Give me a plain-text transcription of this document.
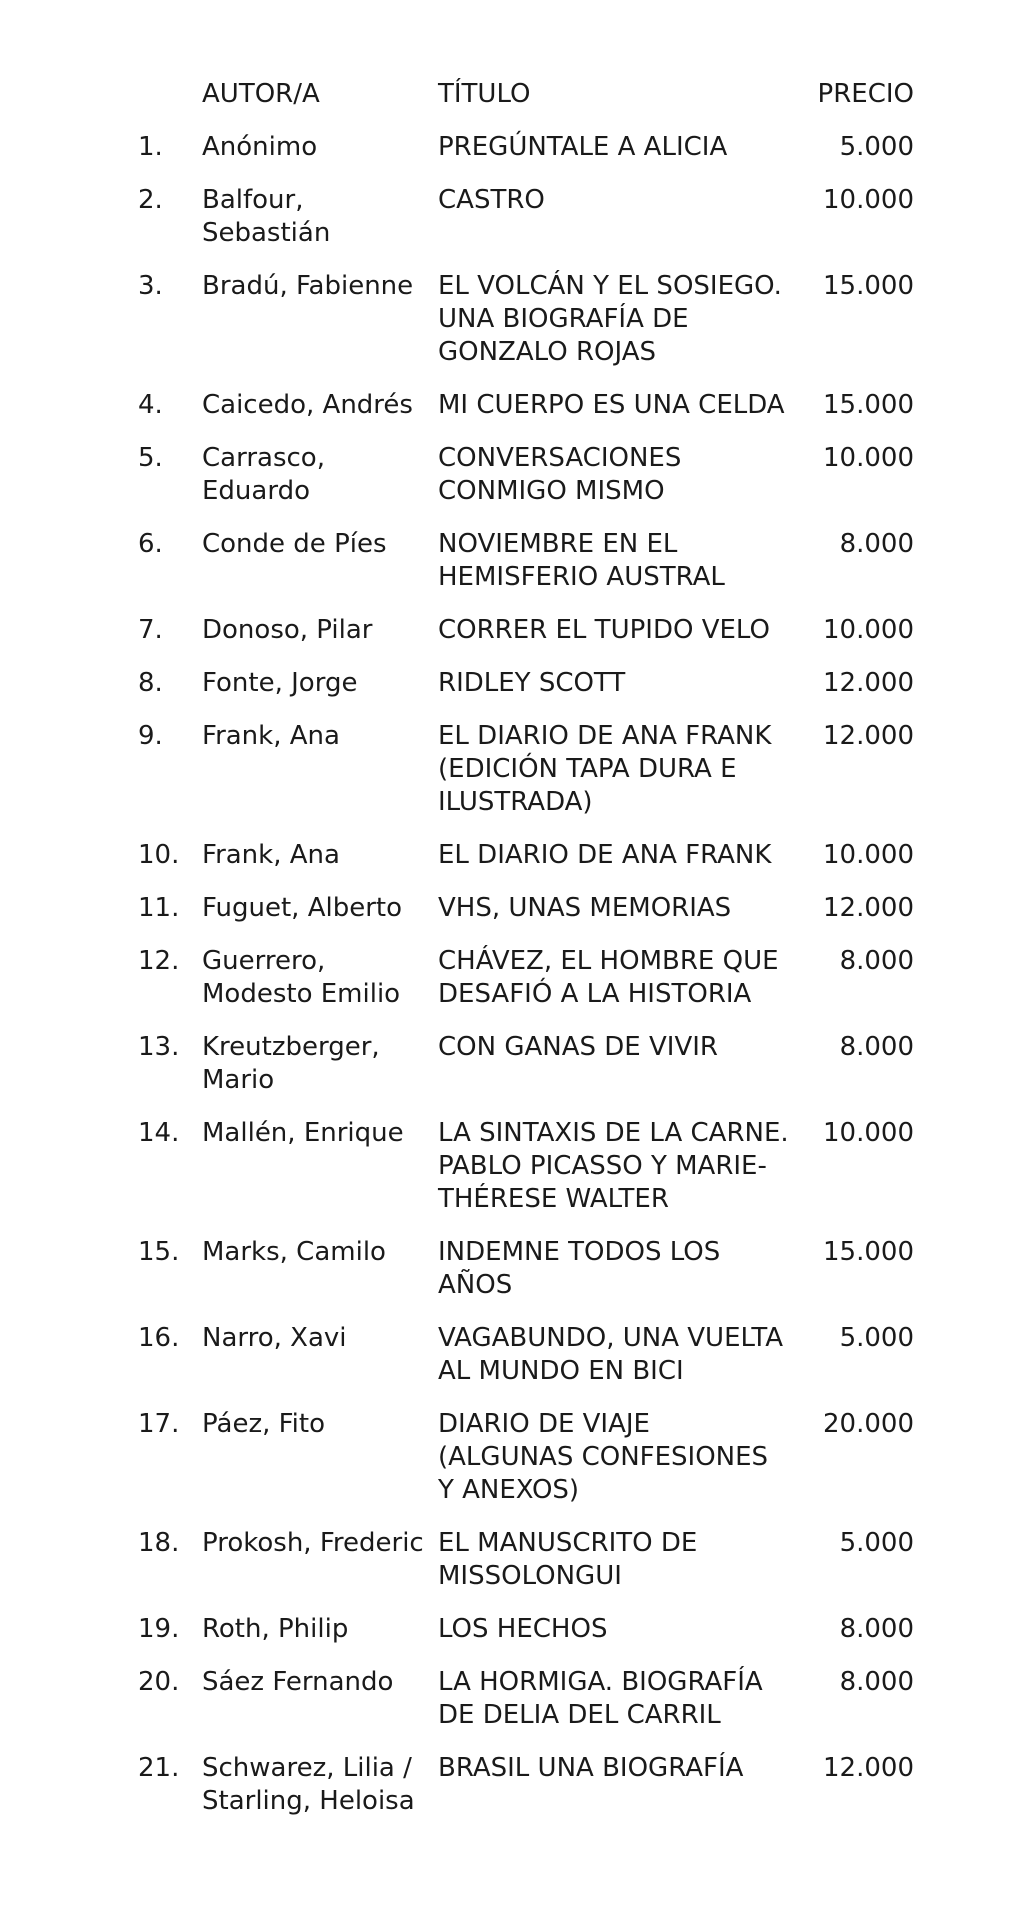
	AUTOR/A	TÍTULO	PRECIO
1.	Anónimo	PREGÚNTALE A ALICIA	5.000
2.	Balfour, Sebastián	CASTRO	10.000
3.	Bradú, Fabienne	EL VOLCÁN Y EL SOSIEGO. UNA BIOGRAFÍA DE GONZALO ROJAS	15.000
4.	Caicedo, Andrés	MI CUERPO ES UNA CELDA	15.000
5.	Carrasco, Eduardo	CONVERSACIONES CONMIGO MISMO	10.000
6.	Conde de Píes	NOVIEMBRE EN EL HEMISFERIO AUSTRAL	8.000
7.	Donoso, Pilar	CORRER EL TUPIDO VELO	10.000
8.	Fonte, Jorge	RIDLEY SCOTT	12.000
9.	Frank, Ana	EL DIARIO DE ANA FRANK (EDICIÓN TAPA DURA E ILUSTRADA)	12.000
10.	Frank, Ana	EL DIARIO DE ANA FRANK	10.000
11.	Fuguet, Alberto	VHS, UNAS MEMORIAS	12.000
12.	Guerrero, Modesto Emilio	CHÁVEZ, EL HOMBRE QUE DESAFIÓ A LA HISTORIA	8.000
13.	Kreutzberger, Mario	CON GANAS DE VIVIR	8.000
14.	Mallén, Enrique	LA SINTAXIS DE LA CARNE. PABLO PICASSO Y MARIE-THÉRESE WALTER	10.000
15.	Marks, Camilo	INDEMNE TODOS LOS AÑOS	15.000
16.	Narro, Xavi	VAGABUNDO, UNA VUELTA AL MUNDO EN BICI	5.000
17.	Páez, Fito	DIARIO DE VIAJE (ALGUNAS CONFESIONES Y ANEXOS)	20.000
18.	Prokosh, Frederic	EL MANUSCRITO DE MISSOLONGUI	5.000
19.	Roth, Philip	LOS HECHOS	8.000
20.	Sáez Fernando	LA HORMIGA. BIOGRAFÍA DE DELIA DEL CARRIL	8.000
21.	Schwarez, Lilia / Starling, Heloisa	BRASIL UNA BIOGRAFÍA	12.000
